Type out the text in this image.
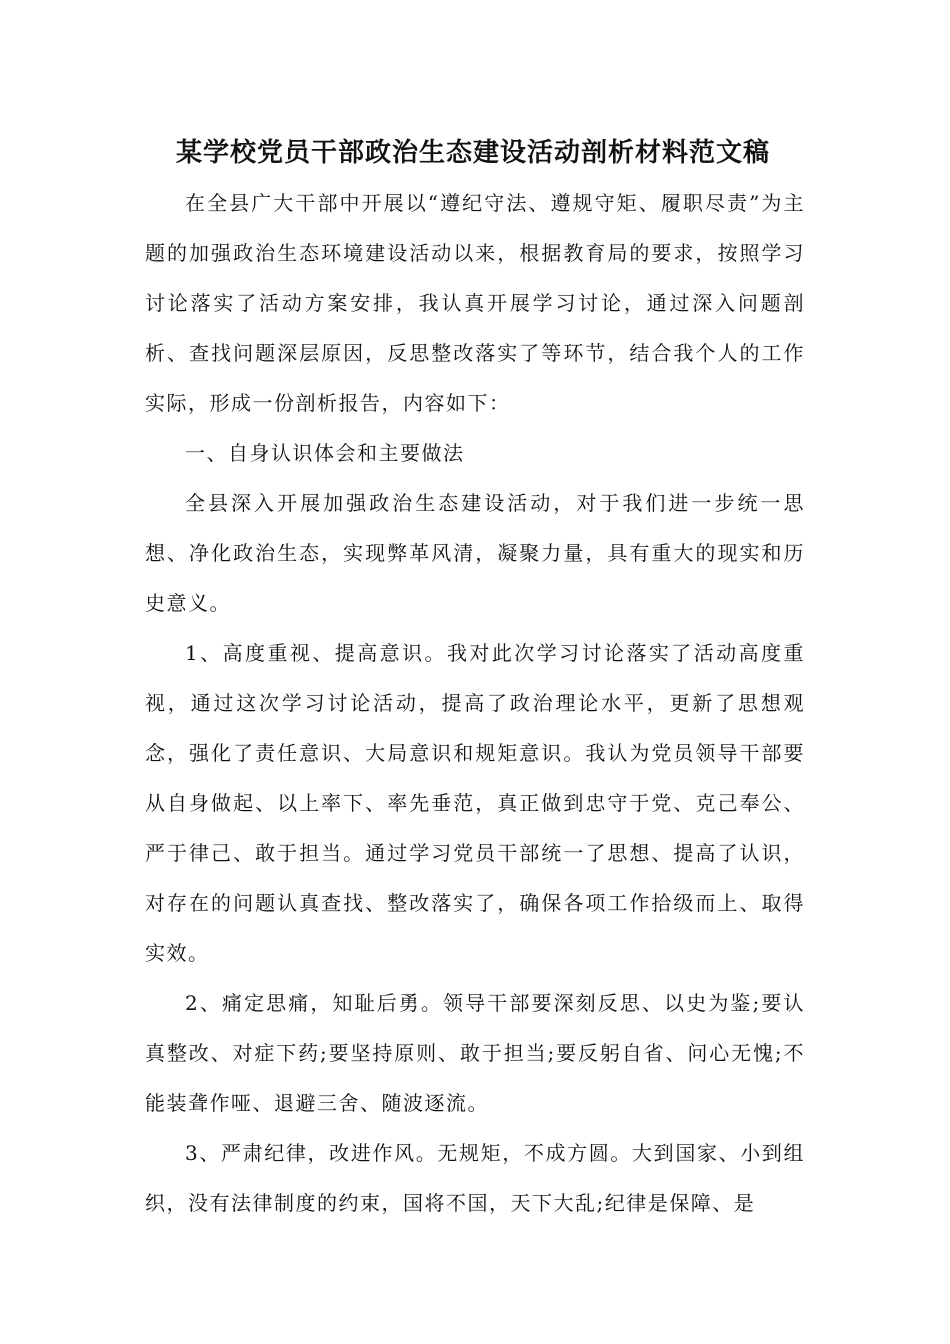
某学校党员干部政治生态建设活动剖析材料范文稿

在全县广大干部中开展以“遵纪守法、遵规守矩、履职尽责”为主题的加强政治生态环境建设活动以来，根据教育局的要求，按照学习讨论落实了活动方案安排，我认真开展学习讨论，通过深入问题剖析、查找问题深层原因，反思整改落实了等环节，结合我个人的工作实际，形成一份剖析报告，内容如下：

一、自身认识体会和主要做法

全县深入开展加强政治生态建设活动，对于我们进一步统一思想、净化政治生态，实现弊革风清，凝聚力量，具有重大的现实和历史意义。

1、高度重视、提高意识。我对此次学习讨论落实了活动高度重视，通过这次学习讨论活动，提高了政治理论水平，更新了思想观念，强化了责任意识、大局意识和规矩意识。我认为党员领导干部要从自身做起、以上率下、率先垂范，真正做到忠守于党、克己奉公、严于律己、敢于担当。通过学习党员干部统一了思想、提高了认识，对存在的问题认真查找、整改落实了，确保各项工作拾级而上、取得实效。

2、痛定思痛，知耻后勇。领导干部要深刻反思、以史为鉴;要认真整改、对症下药;要坚持原则、敢于担当;要反躬自省、问心无愧;不能装聋作哑、退避三舍、随波逐流。

3、严肃纪律，改进作风。无规矩，不成方圆。大到国家、小到组织，没有法律制度的约束，国将不国，天下大乱;纪律是保障、是
